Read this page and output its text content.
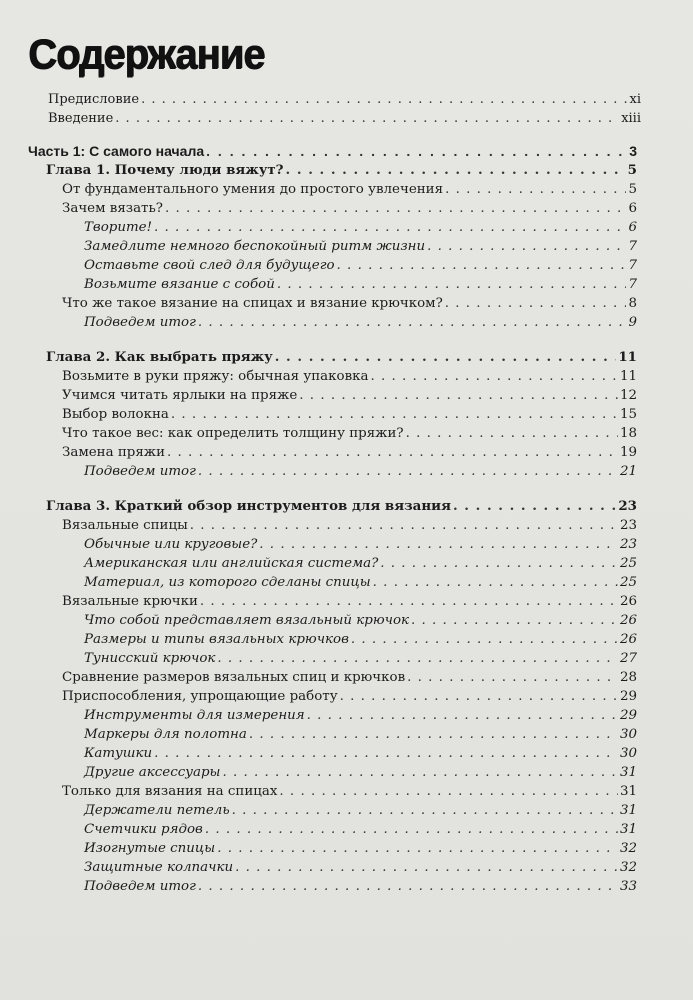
Содержание
Предисловие . . .	xi
Введение . . .	xiii
Часть 1: С самого начала . . .	3
Глава 1. Почему люди вяжут? . . .	5
От фундаментального умения до простого увлечения . . .	5
Зачем вязать? . . .	6
Творите! . . .	6
Замедлите немного беспокойный ритм жизни . . .	7
Оставьте свой след для будущего . . .	7
Возьмите вязание с собой . . .	7
Что же такое вязание на спицах и вязание крючком? . . .	8
Подведем итог . . .	9
Глава 2. Как выбрать пряжу . . .	11
Возьмите в руки пряжу: обычная упаковка . . .	11
Учимся читать ярлыки на пряже . . .	12
Выбор волокна . . .	15
Что такое вес: как определить толщину пряжи? . . .	18
Замена пряжи . . .	19
Подведем итог . . .	21
Глава 3. Краткий обзор инструментов для вязания . . .	23
Вязальные спицы . . .	23
Обычные или круговые? . . .	23
Американская или английская система? . . .	25
Материал, из которого сделаны спицы . . .	25
Вязальные крючки . . .	26
Что собой представляет вязальный крючок . . .	26
Размеры и типы вязальных крючков . . .	26
Тунисский крючок . . .	27
Сравнение размеров вязальных спиц и крючков . . .	28
Приспособления, упрощающие работу . . .	29
Инструменты для измерения . . .	29
Маркеры для полотна . . .	30
Катушки . . .	30
Другие аксессуары . . .	31
Только для вязания на спицах . . .	31
Держатели петель . . .	31
Счетчики рядов . . .	31
Изогнутые спицы . . .	32
Защитные колпачки . . .	32
Подведем итог . . .	33
